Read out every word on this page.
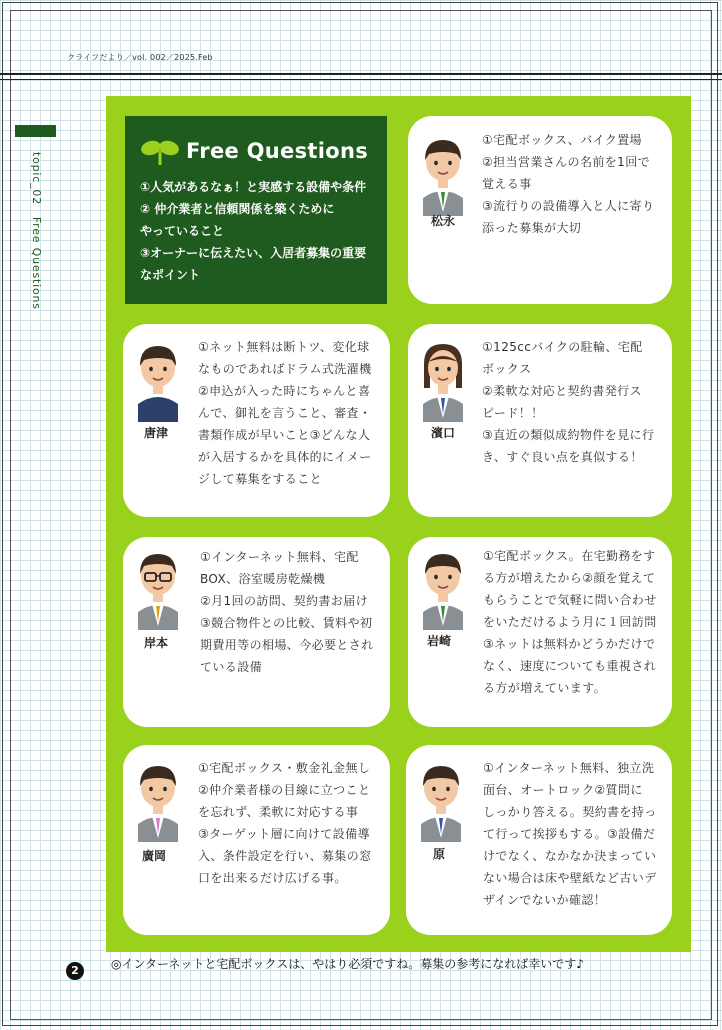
クライフだより／vol. 002／2025.Feb
topic_02　Free Questions
Free Questions
①人気があるなぁ！と実感する設備や条件
② 仲介業者と信頼関係を築くために
やっていること
③オーナーに伝えたい、入居者募集の重要
なポイント
松永
①宅配ボックス、バイク置場
②担当営業さんの名前を1回で
覚える事
③流行りの設備導入と人に寄り
添った募集が大切
唐津
①ネット無料は断トツ、変化球
なものであればドラム式洗濯機
②申込が入った時にちゃんと喜
んで、御礼を言うこと、審査・
書類作成が早いこと③どんな人
が入居するかを具体的にイメー
ジして募集をすること
濱口
①125ccバイクの駐輪、宅配
ボックス
②柔軟な対応と契約書発行ス
ピード！！
③直近の類似成約物件を見に行
き、すぐ良い点を真似する！
岸本
①インターネット無料、宅配
BOX、浴室暖房乾燥機
②月1回の訪問、契約書お届け
③競合物件との比較、賃料や初
期費用等の相場、今必要とされ
ている設備
岩崎
①宅配ボックス。在宅勤務をす
る方が増えたから②顔を覚えて
もらうことで気軽に問い合わせ
をいただけるよう月に１回訪問
③ネットは無料かどうかだけで
なく、速度についても重視され
る方が増えています。
廣岡
①宅配ボックス・敷金礼金無し
②仲介業者様の目線に立つこと
を忘れず、柔軟に対応する事
③ターゲット層に向けて設備導
入、条件設定を行い、募集の窓
口を出来るだけ広げる事。
原
①インターネット無料、独立洗
面台、オートロック②質問に
しっかり答える。契約書を持っ
て行って挨拶もする。③設備だ
けでなく、なかなか決まってい
ない場合は床や壁紙など古いデ
ザインでないか確認！
2	◎インターネットと宅配ボックスは、やはり必須ですね。募集の参考になれば幸いです♪
